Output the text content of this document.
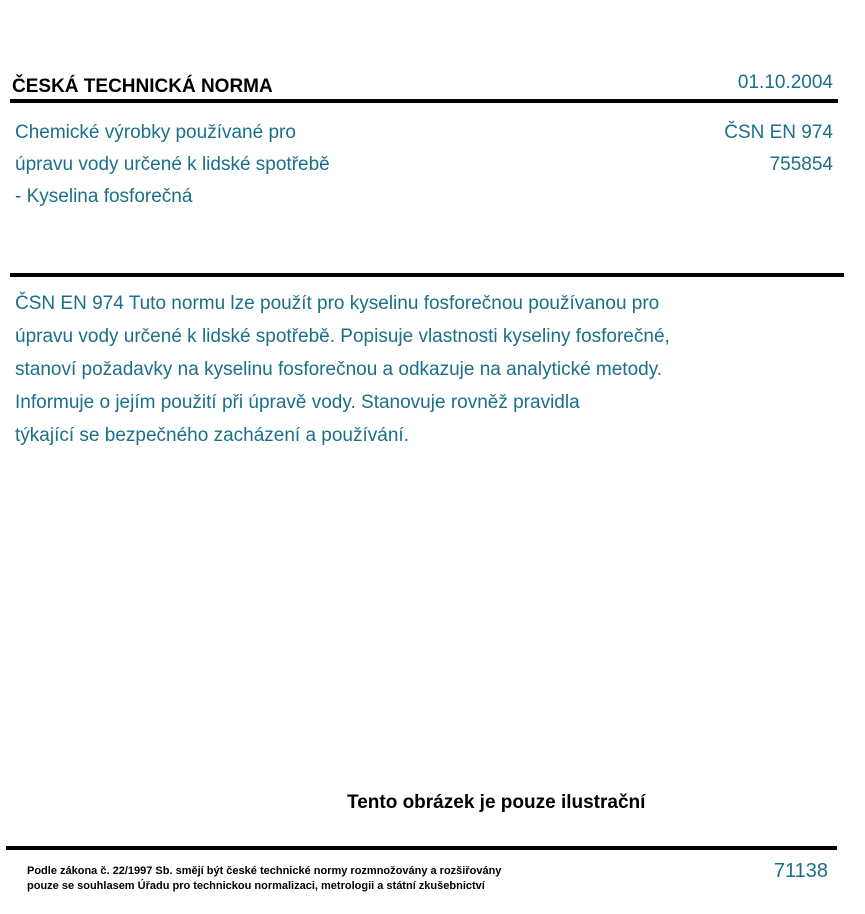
ČESKÁ TECHNICKÁ NORMA	01.10.2004
Chemické výrobky používané pro
úpravu vody určené k lidské spotřebě
- Kyselina fosforečná
ČSN EN 974
755854
ČSN EN 974 Tuto normu lze použít pro kyselinu fosforečnou používanou pro
úpravu vody určené k lidské spotřebě. Popisuje vlastnosti kyseliny fosforečné,
stanoví požadavky na kyselinu fosforečnou a odkazuje na analytické metody.
Informuje o jejím použití při úpravě vody. Stanovuje rovněž pravidla
týkající se bezpečného zacházení a používání.
Tento obrázek je pouze ilustrační
Podle zákona č. 22/1997 Sb. smějí být české technické normy rozmnožovány a rozšiřovány
pouze se souhlasem Úřadu pro technickou normalizaci, metrologii a státní zkušebnictví
71138
